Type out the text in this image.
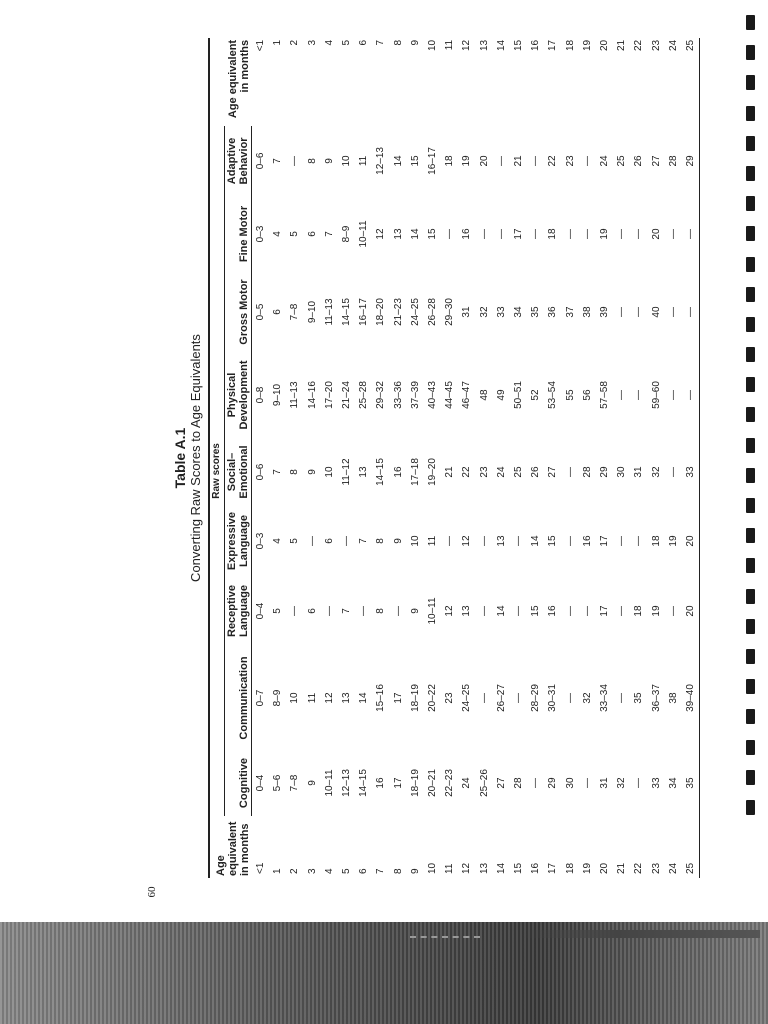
60
Table A.1 Converting Raw Scores to Age Equivalents
Age equivalent in months	Raw scores									Age equivalent in months
	Cognitive	Communication	Receptive Language	Expressive Language	Social– Emotional	Physical Development	Gross Motor	Fine Motor	Adaptive Behavior	
<1	0–4	0–7	0–4	0–3	0–6	0–8	0–5	0–3	0–6	<1
1	5–6	8–9	5	4	7	9–10	6	4	7	1
2	7–8	10	—	5	8	11–13	7–8	5	—	2
3	9	11	6	—	9	14–16	9–10	6	8	3
4	10–11	12	—	6	10	17–20	11–13	7	9	4
5	12–13	13	7	—	11–12	21–24	14–15	8–9	10	5
6	14–15	14	—	7	13	25–28	16–17	10–11	11	6
7	16	15–16	8	8	14–15	29–32	18–20	12	12–13	7
8	17	17	—	9	16	33–36	21–23	13	14	8
9	18–19	18–19	9	10	17–18	37–39	24–25	14	15	9
10	20–21	20–22	10–11	11	19–20	40–43	26–28	15	16–17	10
11	22–23	23	12	—	21	44–45	29–30	—	18	11
12	24	24–25	13	12	22	46–47	31	16	19	12
13	25–26	—	—	—	23	48	32	—	20	13
14	27	26–27	14	13	24	49	33	—	—	14
15	28	—	—	—	25	50–51	34	17	21	15
16	—	28–29	15	14	26	52	35	—	—	16
17	29	30–31	16	15	27	53–54	36	18	22	17
18	30	—	—	—	—	55	37	—	23	18
19	—	32	—	16	28	56	38	—	—	19
20	31	33–34	17	17	29	57–58	39	19	24	20
21	32	—	—	—	30	—	—	—	25	21
22	—	35	18	—	31	—	—	—	26	22
23	33	36–37	19	18	32	59–60	40	20	27	23
24	34	38	—	19	—	—	—	—	28	24
25	35	39–40	20	20	33	—	—	—	29	25
